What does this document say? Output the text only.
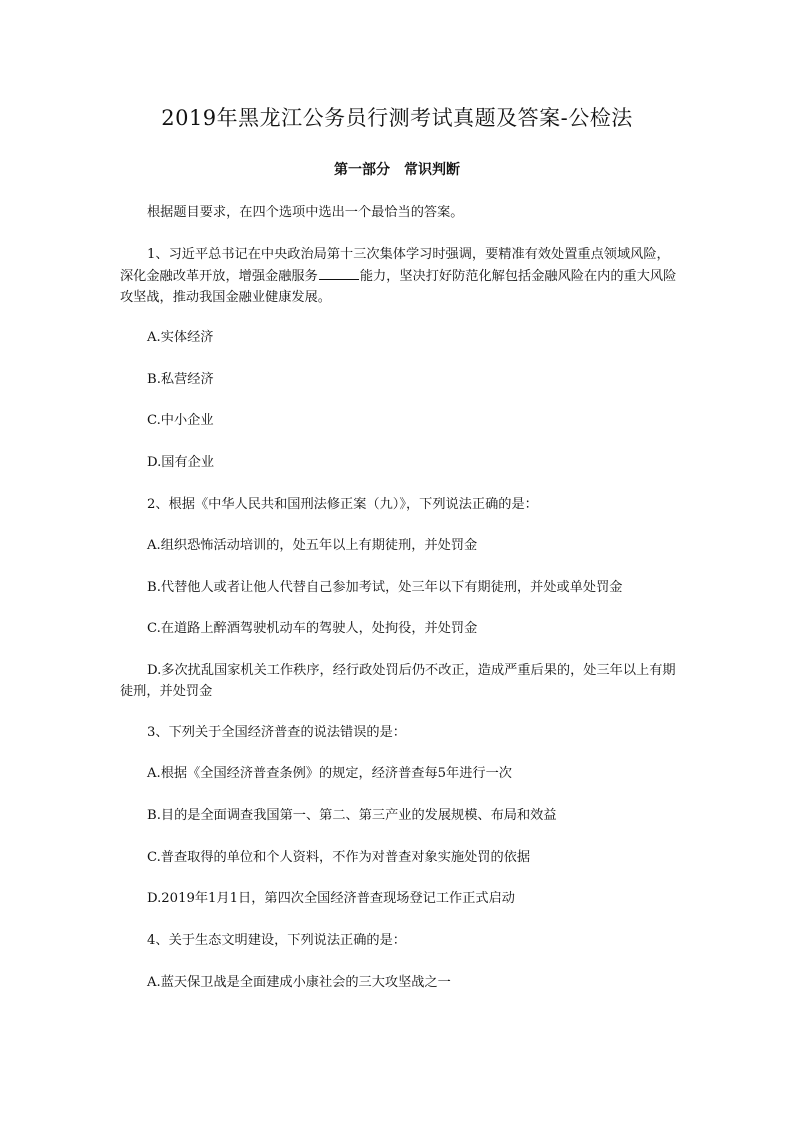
2019年黑龙江公务员行测考试真题及答案-公检法
第一部分 常识判断
根据题目要求，在四个选项中选出一个最恰当的答案。
1、习近平总书记在中央政治局第十三次集体学习时强调，要精准有效处置重点领域风险，深化金融改革开放，增强金融服务	能力，坚决打好防范化解包括金融风险在内的重大风险攻坚战，推动我国金融业健康发展。
A.实体经济
B.私营经济
C.中小企业
D.国有企业
2、根据《中华人民共和国刑法修正案（九）》，下列说法正确的是：
A.组织恐怖活动培训的，处五年以上有期徒刑，并处罚金
B.代替他人或者让他人代替自己参加考试，处三年以下有期徒刑，并处或单处罚金
C.在道路上醉酒驾驶机动车的驾驶人，处拘役，并处罚金
D.多次扰乱国家机关工作秩序，经行政处罚后仍不改正，造成严重后果的，处三年以上有期徒刑，并处罚金
3、下列关于全国经济普查的说法错误的是：
A.根据《全国经济普查条例》的规定，经济普查每5年进行一次
B.目的是全面调查我国第一、第二、第三产业的发展规模、布局和效益
C.普查取得的单位和个人资料，不作为对普查对象实施处罚的依据
D.2019年1月1日，第四次全国经济普查现场登记工作正式启动
4、关于生态文明建设，下列说法正确的是：
A.蓝天保卫战是全面建成小康社会的三大攻坚战之一
